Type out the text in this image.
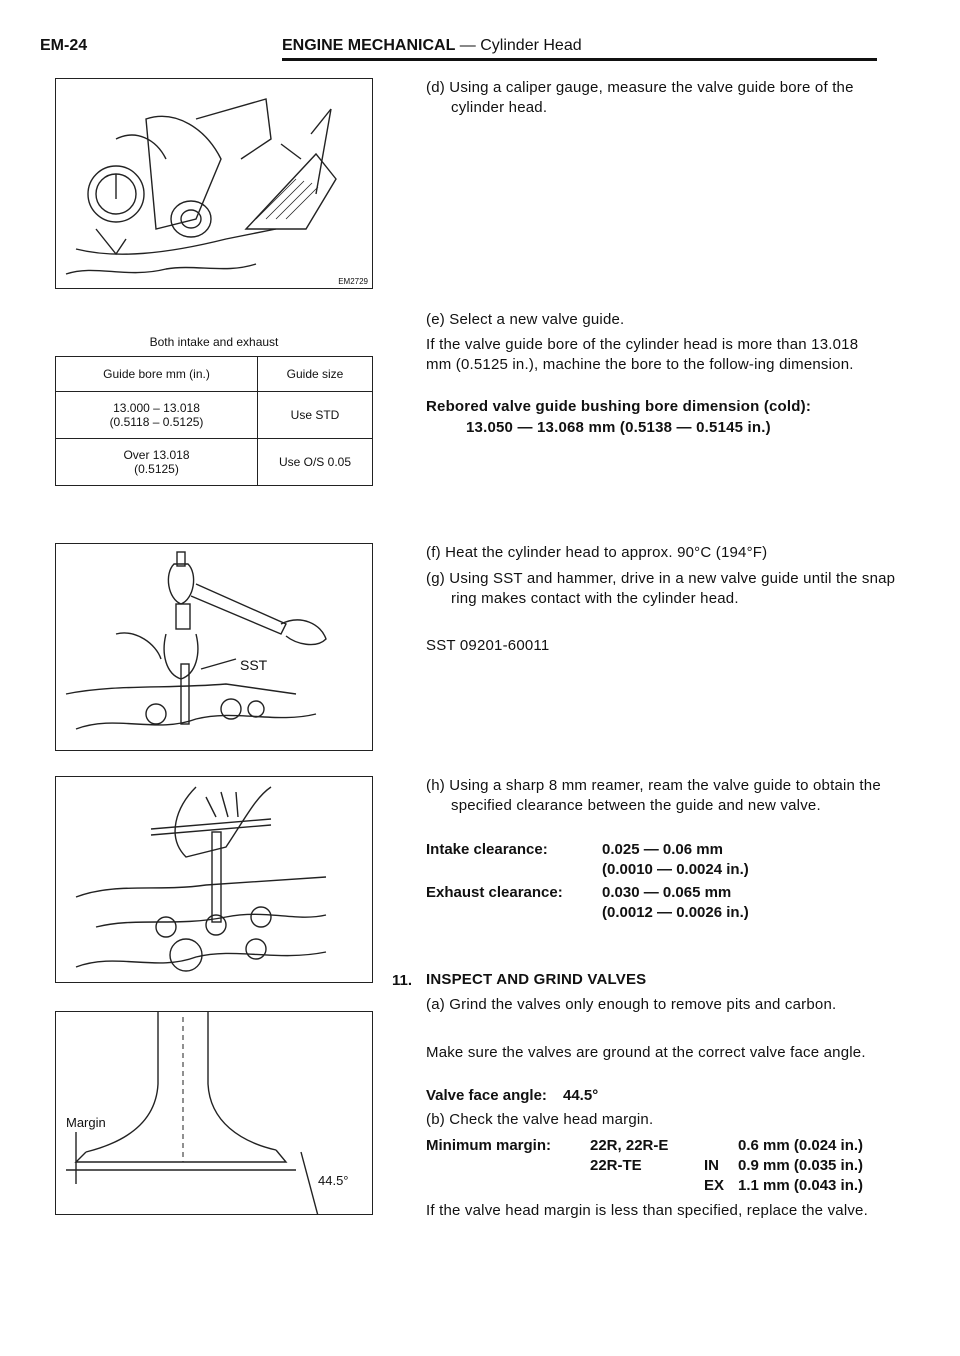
EM-24	ENGINE MECHANICAL — Cylinder Head
EM2729
Both intake and exhaust
Guide bore mm (in.)	Guide size
13.000 – 13.018
(0.5118 – 0.5125)	Use STD
Over 13.018
(0.5125)	Use O/S 0.05
SST
Margin
44.5°
(d) Using a caliper gauge, measure the valve guide bore of the cylinder head.
(e) Select a new valve guide.
If the valve guide bore of the cylinder head is more than 13.018 mm (0.5125 in.), machine the bore to the follow-ing dimension.
Rebored valve guide bushing bore dimension (cold):
13.050 — 13.068 mm (0.5138 — 0.5145 in.)
(f) Heat the cylinder head to approx. 90°C (194°F)
(g) Using SST and hammer, drive in a new valve guide until the snap ring makes contact with the cylinder head.
SST 09201-60011
(h) Using a sharp 8 mm reamer, ream the valve guide to obtain the specified clearance between the guide and new valve.
Intake clearance:	0.025 — 0.06 mm
(0.0010 — 0.0024 in.)
Exhaust clearance:	0.030 — 0.065 mm
(0.0012 — 0.0026 in.)
11. INSPECT AND GRIND VALVES
(a) Grind the valves only enough to remove pits and carbon.
Make sure the valves are ground at the correct valve face angle.
Valve face angle: 44.5°
(b) Check the valve head margin.
Minimum margin:	22R, 22R-E	0.6 mm (0.024 in.)
22R-TE	IN 0.9 mm (0.035 in.)
EX 1.1 mm (0.043 in.)
If the valve head margin is less than specified, replace the valve.
